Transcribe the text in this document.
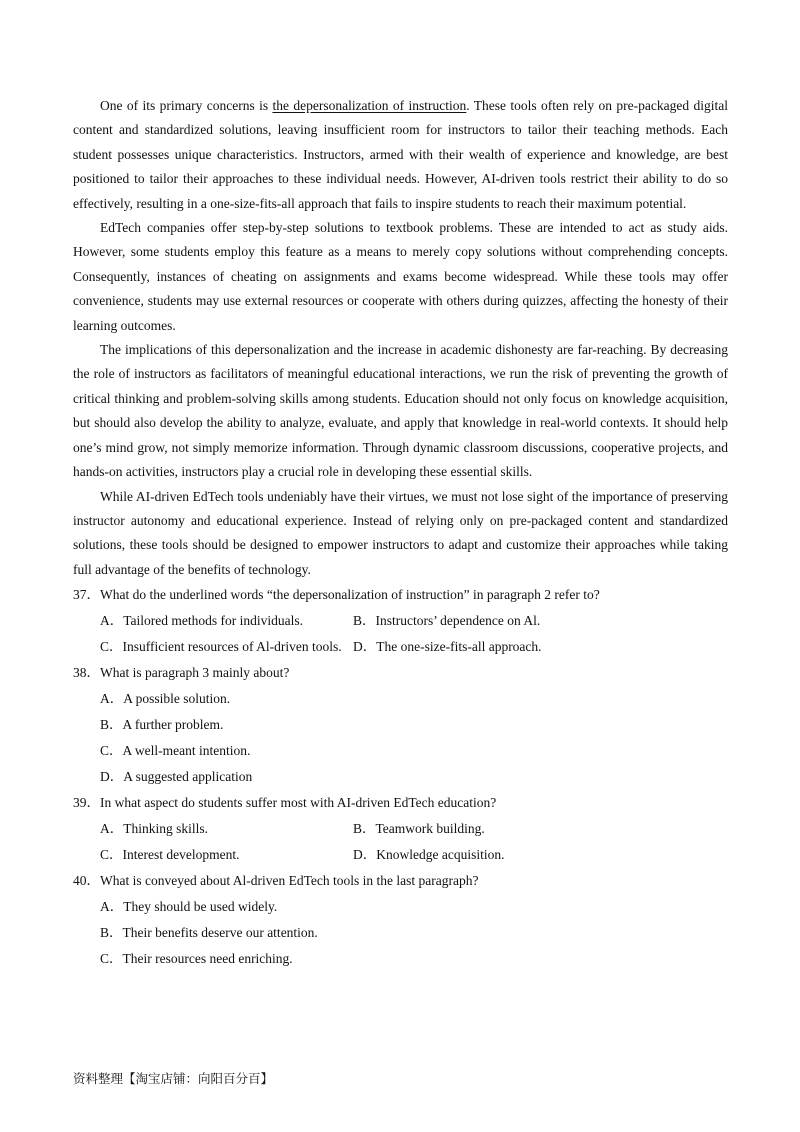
One of its primary concerns is the depersonalization of instruction. These tools often rely on pre-packaged digital content and standardized solutions, leaving insufficient room for instructors to tailor their teaching methods. Each student possesses unique characteristics. Instructors, armed with their wealth of experience and knowledge, are best positioned to tailor their approaches to these individual needs. However, AI-driven tools restrict their ability to do so effectively, resulting in a one-size-fits-all approach that fails to inspire students to reach their maximum potential.

EdTech companies offer step-by-step solutions to textbook problems. These are intended to act as study aids. However, some students employ this feature as a means to merely copy solutions without comprehending concepts. Consequently, instances of cheating on assignments and exams become widespread. While these tools may offer convenience, students may use external resources or cooperate with others during quizzes, affecting the honesty of their learning outcomes.

The implications of this depersonalization and the increase in academic dishonesty are far-reaching. By decreasing the role of instructors as facilitators of meaningful educational interactions, we run the risk of preventing the growth of critical thinking and problem-solving skills among students. Education should not only focus on knowledge acquisition, but should also develop the ability to analyze, evaluate, and apply that knowledge in real-world contexts. It should help one’s mind grow, not simply memorize information. Through dynamic classroom discussions, cooperative projects, and hands-on activities, instructors play a crucial role in developing these essential skills.

While AI-driven EdTech tools undeniably have their virtues, we must not lose sight of the importance of preserving instructor autonomy and educational experience. Instead of relying only on pre-packaged content and standardized solutions, these tools should be designed to empower instructors to adapt and customize their approaches while taking full advantage of the benefits of technology.

37．What do the underlined words “the depersonalization of instruction” in paragraph 2 refer to?

A．Tailored methods for individuals.	B．Instructors’ dependence on Al.
C．Insufficient resources of Al-driven tools. D．The one-size-fits-all approach.

38．What is paragraph 3 mainly about?

A．A possible solution.
B．A further problem.
C．A well-meant intention.
D．A suggested application

39．In what aspect do students suffer most with AI-driven EdTech education?

A．Thinking skills.	B．Teamwork building.
C．Interest development.	D．Knowledge acquisition.

40．What is conveyed about Al-driven EdTech tools in the last paragraph?

A．They should be used widely.
B．Their benefits deserve our attention.
C．Their resources need enriching.
资料整理【淘宝店铺：向阳百分百】
